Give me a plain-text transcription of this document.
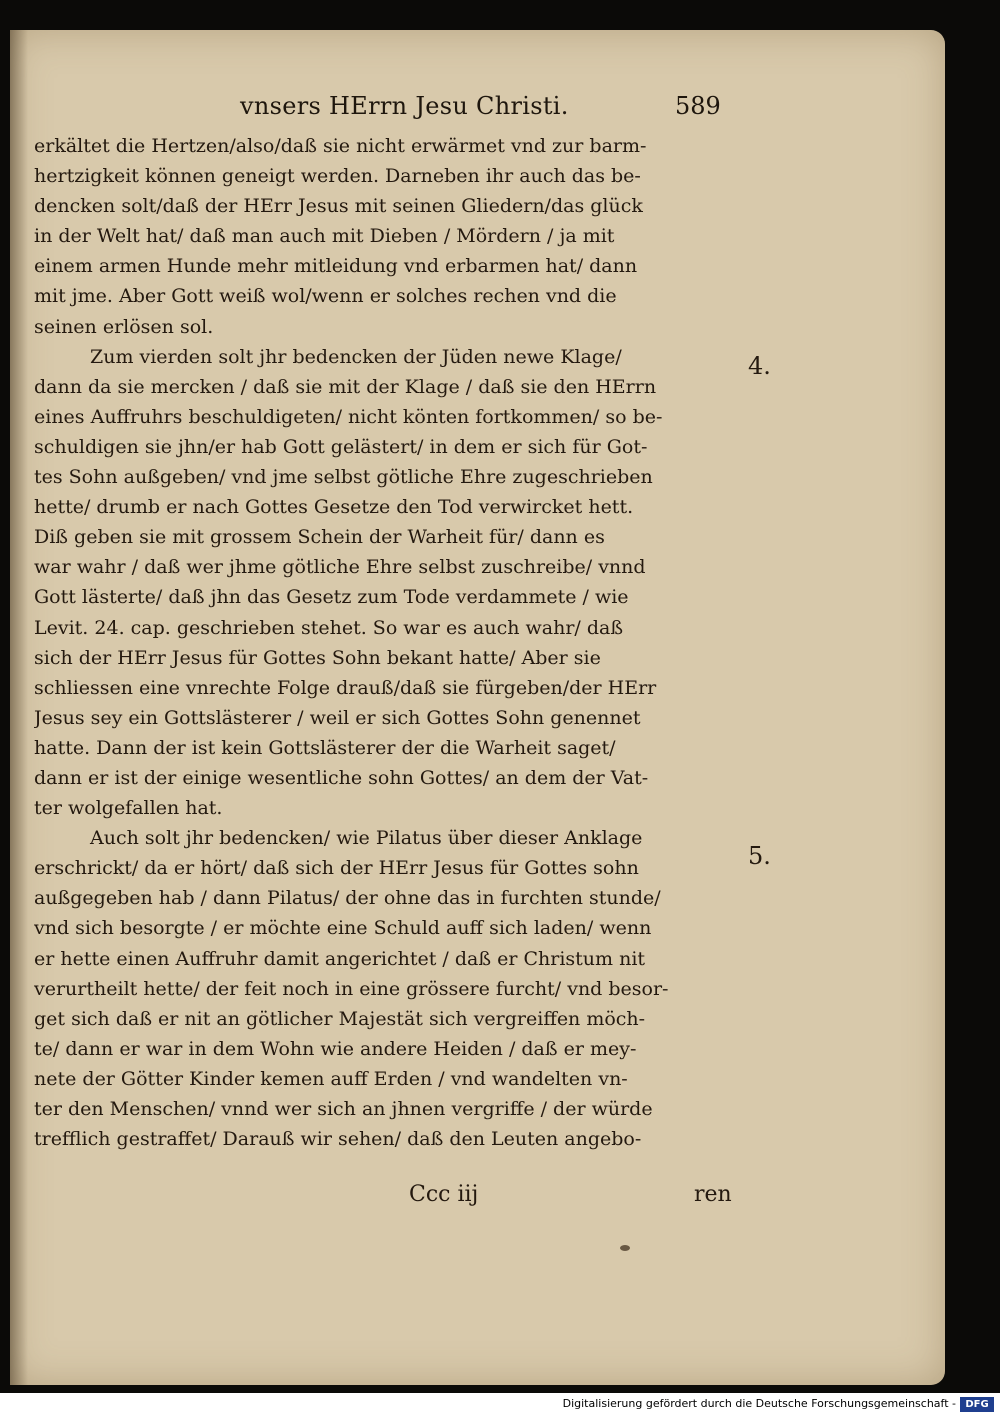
vnsers HErrn Jesu Christi.	589
erkältet die Hertzen/also/daß sie nicht erwärmet vnd zur barm-
hertzigkeit können geneigt werden. Darneben ihr auch das be-
dencken solt/daß der HErr Jesus mit seinen Gliedern/das glück
in der Welt hat/ daß man auch mit Dieben / Mördern / ja mit
einem armen Hunde mehr mitleidung vnd erbarmen hat/ dann
mit jme. Aber Gott weiß wol/wenn er solches rechen vnd die
seinen erlösen sol.
Zum vierden solt jhr bedencken der Jüden newe Klage/
dann da sie mercken / daß sie mit der Klage / daß sie den HErrn
eines Auffruhrs beschuldigeten/ nicht könten fortkommen/ so be-
schuldigen sie jhn/er hab Gott gelästert/ in dem er sich für Got-
tes Sohn außgeben/ vnd jme selbst götliche Ehre zugeschrieben
hette/ drumb er nach Gottes Gesetze den Tod verwircket hett.
Diß geben sie mit grossem Schein der Warheit für/ dann es
war wahr / daß wer jhme götliche Ehre selbst zuschreibe/ vnnd
Gott lästerte/ daß jhn das Gesetz zum Tode verdammete / wie
Levit. 24. cap. geschrieben stehet. So war es auch wahr/ daß
sich der HErr Jesus für Gottes Sohn bekant hatte/ Aber sie
schliessen eine vnrechte Folge drauß/daß sie fürgeben/der HErr
Jesus sey ein Gottslästerer / weil er sich Gottes Sohn genennet
hatte. Dann der ist kein Gottslästerer der die Warheit saget/
dann er ist der einige wesentliche sohn Gottes/ an dem der Vat-
ter wolgefallen hat.
Auch solt jhr bedencken/ wie Pilatus über dieser Anklage
erschrickt/ da er hört/ daß sich der HErr Jesus für Gottes sohn
außgegeben hab / dann Pilatus/ der ohne das in furchten stunde/
vnd sich besorgte / er möchte eine Schuld auff sich laden/ wenn
er hette einen Auffruhr damit angerichtet / daß er Christum nit
verurtheilt hette/ der feit noch in eine grössere furcht/ vnd besor-
get sich daß er nit an götlicher Majestät sich vergreiffen möch-
te/ dann er war in dem Wohn wie andere Heiden / daß er mey-
nete der Götter Kinder kemen auff Erden / vnd wandelten vn-
ter den Menschen/ vnnd wer sich an jhnen vergriffe / der würde
trefflich gestraffet/ Darauß wir sehen/ daß den Leuten angebo-
4.
5.
Ccc iij	ren
Digitalisierung gefördert durch die Deutsche Forschungsgemeinschaft - DFG
